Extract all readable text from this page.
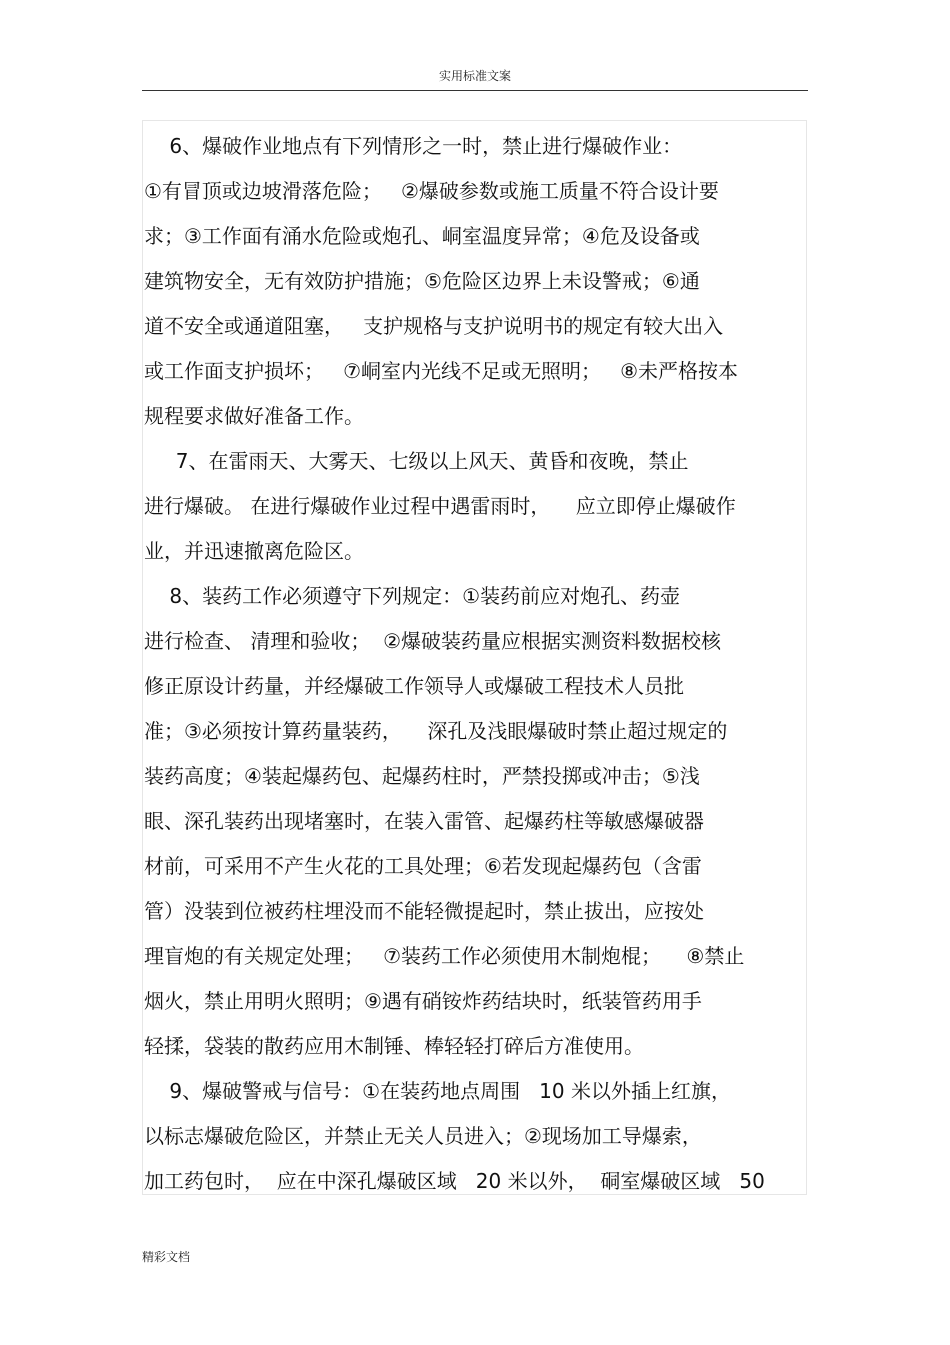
实用标准文案
6、爆破作业地点有下列情形之一时，禁止进行爆破作业：
①有冒顶或边坡滑落危险；   ②爆破参数或施工质量不符合设计要
求；③工作面有涌水危险或炮孔、峒室温度异常；④危及设备或
建筑物安全，无有效防护措施；⑤危险区边界上未设警戒；⑥通
道不安全或通道阻塞，   支护规格与支护说明书的规定有较大出入
或工作面支护损坏；   ⑦峒室内光线不足或无照明；   ⑧未严格按本
规程要求做好准备工作。
7、在雷雨天、大雾天、七级以上风天、黄昏和夜晚，禁止
进行爆破。 在进行爆破作业过程中遇雷雨时，    应立即停止爆破作
业，并迅速撤离危险区。
8、装药工作必须遵守下列规定：①装药前应对炮孔、药壶
进行检查、 清理和验收；  ②爆破装药量应根据实测资料数据校核
修正原设计药量，并经爆破工作领导人或爆破工程技术人员批
准；③必须按计算药量装药，    深孔及浅眼爆破时禁止超过规定的
装药高度；④装起爆药包、起爆药柱时，严禁投掷或冲击；⑤浅
眼、深孔装药出现堵塞时，在装入雷管、起爆药柱等敏感爆破器
材前，可采用不产生火花的工具处理；⑥若发现起爆药包（含雷
管）没装到位被药柱埋没而不能轻微提起时，禁止拔出，应按处
理盲炮的有关规定处理；   ⑦装药工作必须使用木制炮棍；    ⑧禁止
烟火，禁止用明火照明；⑨遇有硝铵炸药结块时，纸装管药用手
轻揉，袋装的散药应用木制锤、棒轻轻打碎后方准使用。
9、爆破警戒与信号：①在装药地点周围   10 米以外插上红旗，
以标志爆破危险区，并禁止无关人员进入；②现场加工导爆索，
加工药包时，  应在中深孔爆破区域   20 米以外，  硐室爆破区域   50
精彩文档
